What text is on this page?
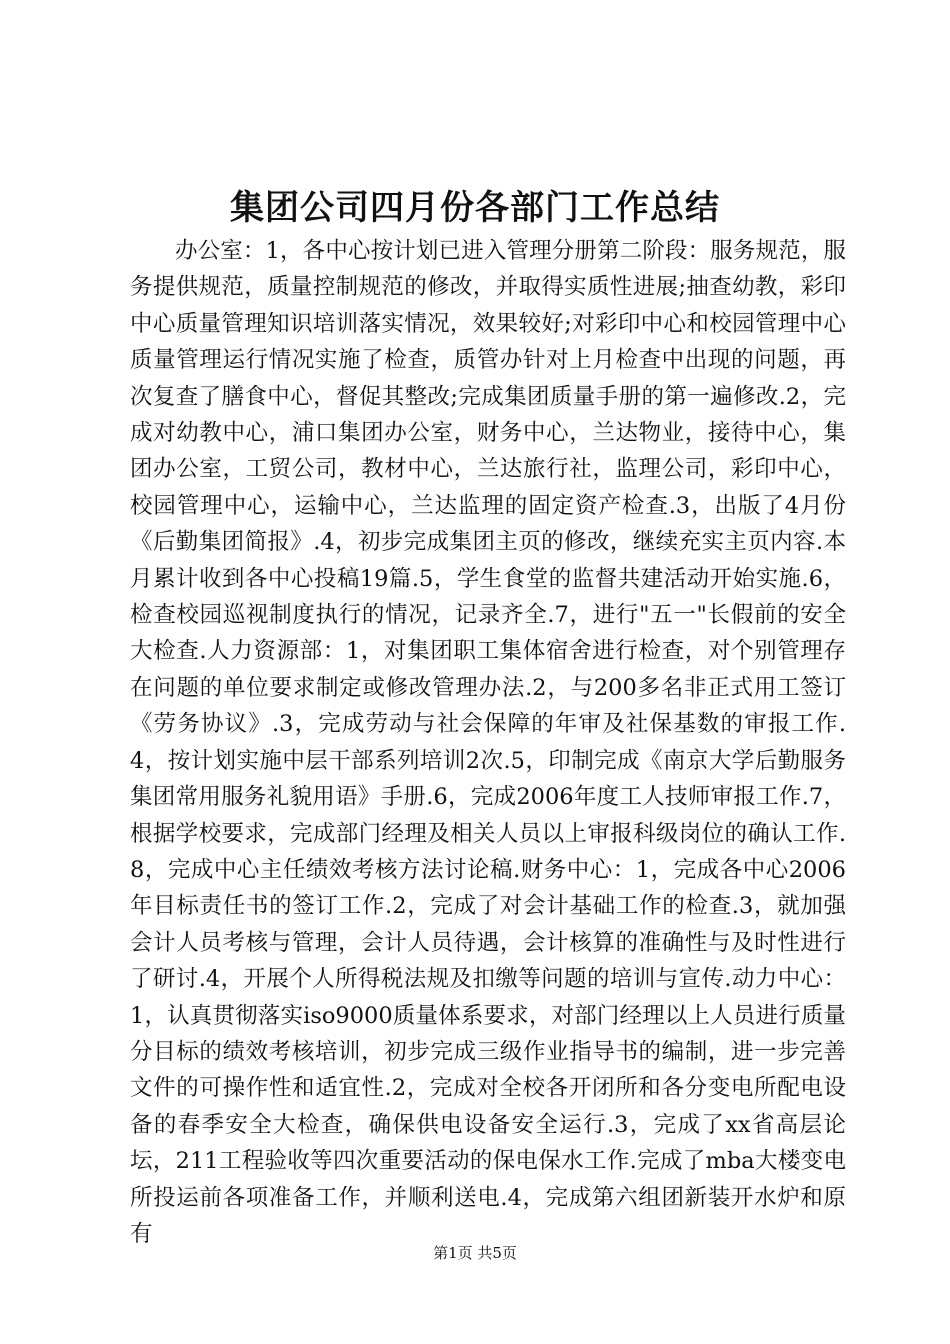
集团公司四月份各部门工作总结

办公室：1，各中心按计划已进入管理分册第二阶段：服务规范，服务提供规范，质量控制规范的修改，并取得实质性进展;抽查幼教，彩印中心质量管理知识培训落实情况，效果较好;对彩印中心和校园管理中心质量管理运行情况实施了检查，质管办针对上月检查中出现的问题，再次复查了膳食中心，督促其整改;完成集团质量手册的第一遍修改.2，完成对幼教中心，浦口集团办公室，财务中心，兰达物业，接待中心，集团办公室，工贸公司，教材中心，兰达旅行社，监理公司，彩印中心，校园管理中心，运输中心，兰达监理的固定资产检查.3，出版了4月份《后勤集团简报》.4，初步完成集团主页的修改，继续充实主页内容.本月累计收到各中心投稿19篇.5，学生食堂的监督共建活动开始实施.6，检查校园巡视制度执行的情况，记录齐全.7，进行"五一"长假前的安全大检查.人力资源部：1，对集团职工集体宿舍进行检查，对个别管理存在问题的单位要求制定或修改管理办法.2，与200多名非正式用工签订《劳务协议》.3，完成劳动与社会保障的年审及社保基数的审报工作.4，按计划实施中层干部系列培训2次.5，印制完成《南京大学后勤服务集团常用服务礼貌用语》手册.6，完成2006年度工人技师审报工作.7，根据学校要求，完成部门经理及相关人员以上审报科级岗位的确认工作.8，完成中心主任绩效考核方法讨论稿.财务中心：1，完成各中心2006年目标责任书的签订工作.2，完成了对会计基础工作的检查.3，就加强会计人员考核与管理，会计人员待遇，会计核算的准确性与及时性进行了研讨.4，开展个人所得税法规及扣缴等问题的培训与宣传.动力中心：1，认真贯彻落实iso9000质量体系要求，对部门经理以上人员进行质量分目标的绩效考核培训，初步完成三级作业指导书的编制，进一步完善文件的可操作性和适宜性.2，完成对全校各开闭所和各分变电所配电设备的春季安全大检查，确保供电设备安全运行.3，完成了xx省高层论坛，211工程验收等四次重要活动的保电保水工作.完成了mba大楼变电所投运前各项准备工作，并顺利送电.4，完成第六组团新装开水炉和原有

第1页 共5页
